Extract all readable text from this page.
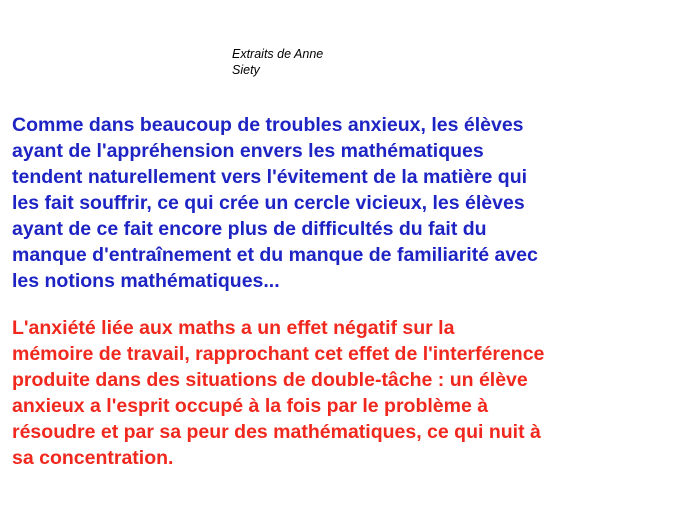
Extraits de Anne
Siety

Comme dans beaucoup de troubles anxieux, les élèves
ayant de l'appréhension envers les mathématiques
tendent naturellement vers l'évitement de la matière qui
les fait souffrir, ce qui crée un cercle vicieux, les élèves
ayant de ce fait encore plus de difficultés du fait du
manque d'entraînement et du manque de familiarité avec
les notions mathématiques...

L'anxiété liée aux maths a un effet négatif sur la
mémoire de travail, rapprochant cet effet de l'interférence
produite dans des situations de double-tâche : un élève
anxieux a l'esprit occupé à la fois par le problème à
résoudre et par sa peur des mathématiques, ce qui nuit à
sa concentration.
